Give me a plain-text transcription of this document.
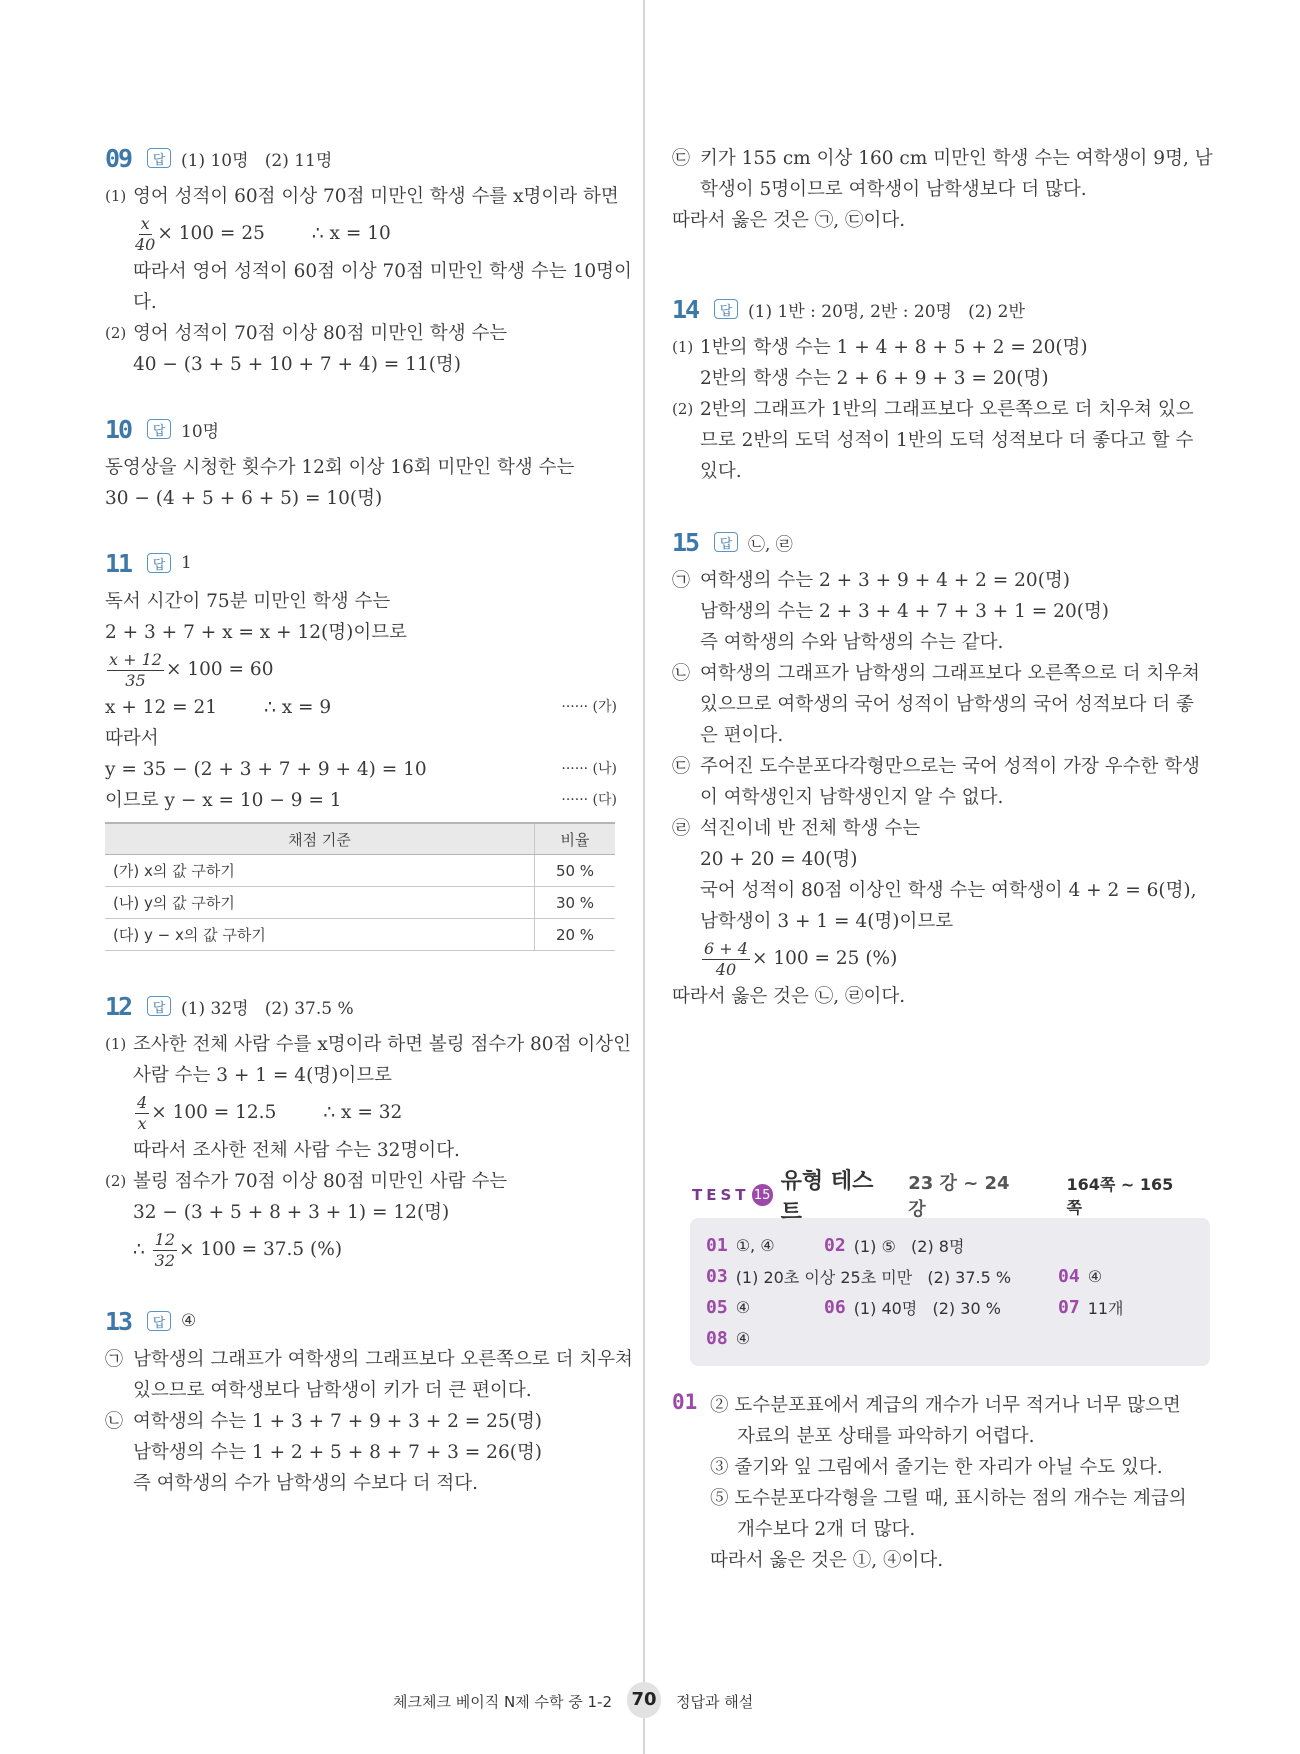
09	답 (1) 10명   (2) 11명
(1) 영어 성적이 60점 이상 70점 미만인 학생 수를 x명이라 하면
$\frac{x}{40} \times 100 = 25$        ∴ x = 10
따라서 영어 성적이 60점 이상 70점 미만인 학생 수는 10명이
다.
(2) 영어 성적이 70점 이상 80점 미만인 학생 수는
40 − (3 + 5 + 10 + 7 + 4) = 11(명)
10	답 10명
동영상을 시청한 횟수가 12회 이상 16회 미만인 학생 수는
30 − (4 + 5 + 6 + 5) = 10(명)
11	답 1
독서 시간이 75분 미만인 학생 수는
2 + 3 + 7 + x = x + 12(명)이므로
$\frac{x + 12}{35} \times 100 = 60$
x + 12 = 21        ∴ x = 9	······ (가)
따라서
y = 35 − (2 + 3 + 7 + 9 + 4) = 10	······ (나)
이므로 y − x = 10 − 9 = 1	······ (다)
채점 기준	비율
(가) x의 값 구하기	50 %
(나) y의 값 구하기	30 %
(다) y − x의 값 구하기	20 %
12	답 (1) 32명   (2) 37.5 %
(1) 조사한 전체 사람 수를 x명이라 하면 볼링 점수가 80점 이상인
사람 수는 3 + 1 = 4(명)이므로
$\frac{4}{x} \times 100 = 12.5$        ∴ x = 32
따라서 조사한 전체 사람 수는 32명이다.
(2) 볼링 점수가 70점 이상 80점 미만인 사람 수는
32 − (3 + 5 + 8 + 3 + 1) = 12(명)
∴ $\frac{12}{32} \times 100 = 37.5$ (%)
13	답 ④
㉠ 남학생의 그래프가 여학생의 그래프보다 오른쪽으로 더 치우쳐
있으므로 여학생보다 남학생이 키가 더 큰 편이다.
㉡ 여학생의 수는 1 + 3 + 7 + 9 + 3 + 2 = 25(명)
남학생의 수는 1 + 2 + 5 + 8 + 7 + 3 = 26(명)
즉 여학생의 수가 남학생의 수보다 더 적다.
㉢ 키가 155 cm 이상 160 cm 미만인 학생 수는 여학생이 9명, 남
학생이 5명이므로 여학생이 남학생보다 더 많다.
따라서 옳은 것은 ㉠, ㉢이다.
14	답 (1) 1반 : 20명, 2반 : 20명   (2) 2반
(1) 1반의 학생 수는 1 + 4 + 8 + 5 + 2 = 20(명)
2반의 학생 수는 2 + 6 + 9 + 3 = 20(명)
(2) 2반의 그래프가 1반의 그래프보다 오른쪽으로 더 치우쳐 있으
므로 2반의 도덕 성적이 1반의 도덕 성적보다 더 좋다고 할 수
있다.
15	답 ㉡, ㉣
㉠ 여학생의 수는 2 + 3 + 9 + 4 + 2 = 20(명)
남학생의 수는 2 + 3 + 4 + 7 + 3 + 1 = 20(명)
즉 여학생의 수와 남학생의 수는 같다.
㉡ 여학생의 그래프가 남학생의 그래프보다 오른쪽으로 더 치우쳐
있으므로 여학생의 국어 성적이 남학생의 국어 성적보다 더 좋
은 편이다.
㉢ 주어진 도수분포다각형만으로는 국어 성적이 가장 우수한 학생
이 여학생인지 남학생인지 알 수 없다.
㉣ 석진이네 반 전체 학생 수는
20 + 20 = 40(명)
국어 성적이 80점 이상인 학생 수는 여학생이 4 + 2 = 6(명),
남학생이 3 + 1 = 4(명)이므로
$\frac{6 + 4}{40} \times 100 = 25$ (%)
따라서 옳은 것은 ㉡, ㉣이다.
TEST 15
유형 테스트
23 강 ~ 24 강
164쪽 ~ 165쪽
01 ①, ④	02 (1) ⑤   (2) 8명
03 (1) 20초 이상 25초 미만   (2) 37.5 %	04 ④
05 ④	06 (1) 40명   (2) 30 %	07 11개
08 ④
01 ② 도수분포표에서 계급의 개수가 너무 적거나 너무 많으면
자료의 분포 상태를 파악하기 어렵다.
③ 줄기와 잎 그림에서 줄기는 한 자리가 아닐 수도 있다.
⑤ 도수분포다각형을 그릴 때, 표시하는 점의 개수는 계급의
개수보다 2개 더 많다.
따라서 옳은 것은 ①, ④이다.
체크체크 베이직 N제 수학 중 1-2 70 정답과 해설
